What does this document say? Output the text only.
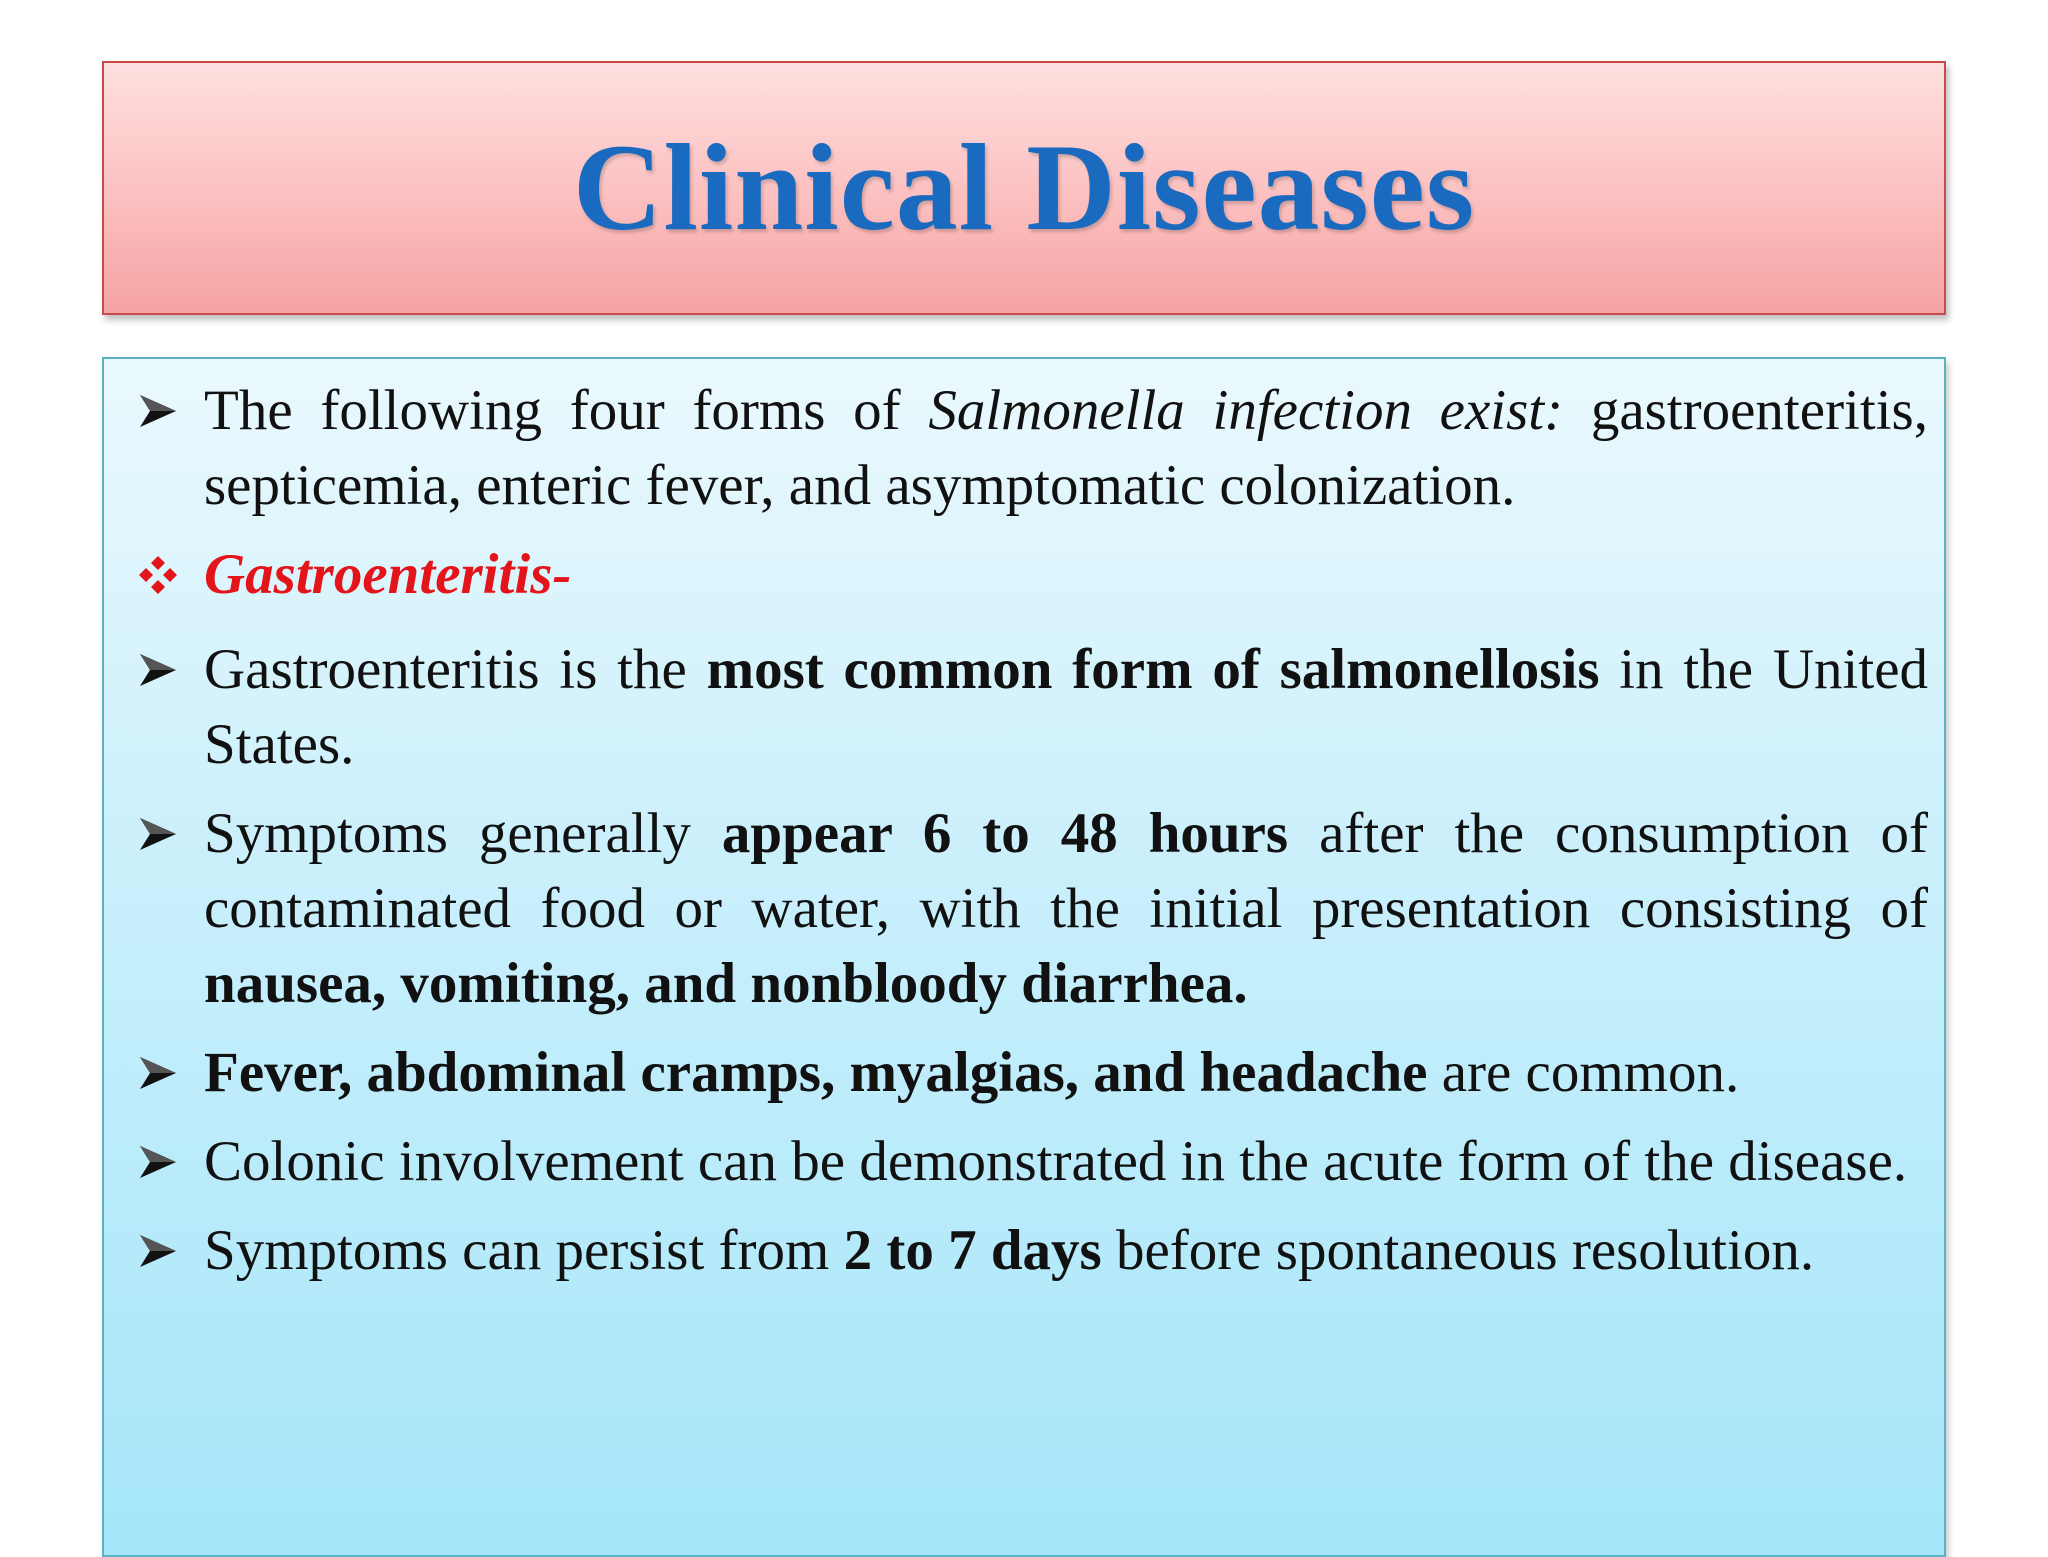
Clinical Diseases
The following four forms of Salmonella infection exist: gastroenteritis, septicemia, enteric fever, and asymptomatic colonization.
Gastroenteritis-
Gastroenteritis is the most common form of salmonellosis in the United States.
Symptoms generally appear 6 to 48 hours after the consumption of contaminated food or water, with the initial presentation consisting of nausea, vomiting, and nonbloody diarrhea.
Fever, abdominal cramps, myalgias, and headache are common.
Colonic involvement can be demonstrated in the acute form of the disease.
Symptoms can persist from 2 to 7 days before spontaneous resolution.
